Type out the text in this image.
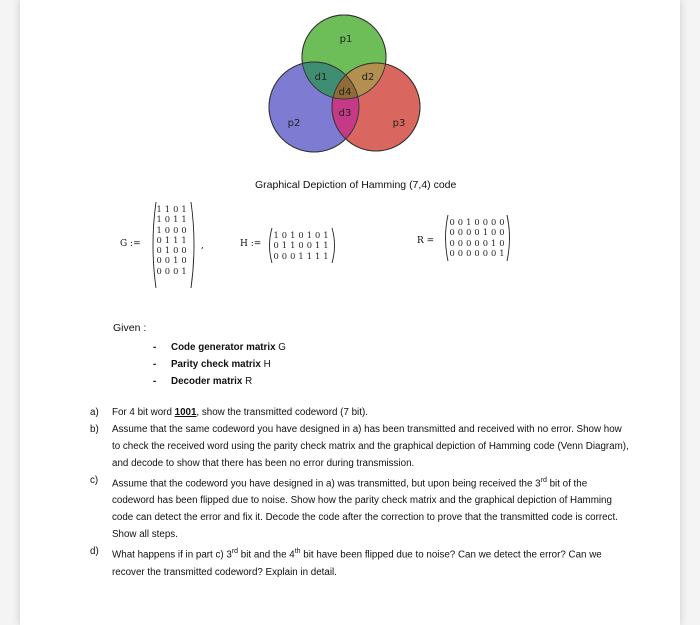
p1
p2	p3
d1	d2
d4
d3
Graphical Depiction of Hamming (7,4) code
G :=
1 1 0 1
1 0 1 1
1 0 0 0
0 1 1 1
0 1 0 0
0 0 1 0
0 0 0 1
,	H :=
1 0 1 0 1 0 1
0 1 1 0 0 1 1
0 0 0 1 1 1 1
R =
0 0 1 0 0 0 0
0 0 0 0 1 0 0
0 0 0 0 0 1 0
0 0 0 0 0 0 1
Given :
- Code generator matrix G
- Parity check matrix H
- Decoder matrix R
a)	For 4 bit word 1001, show the transmitted codeword (7 bit).
b)	Assume that the same codeword you have designed in a) has been transmitted and received with no error. Show how to check the received word using the parity check matrix and the graphical depiction of Hamming code (Venn Diagram), and decode to show that there has been no error during transmission.
c)	Assume that the codeword you have designed in a) was transmitted, but upon being received the 3rd bit of the codeword has been flipped due to noise. Show how the parity check matrix and the graphical depiction of Hamming code can detect the error and fix it. Decode the code after the correction to prove that the transmitted code is correct. Show all steps.
d)	What happens if in part c) 3rd bit and the 4th bit have been flipped due to noise? Can we detect the error? Can we recover the transmitted codeword? Explain in detail.
